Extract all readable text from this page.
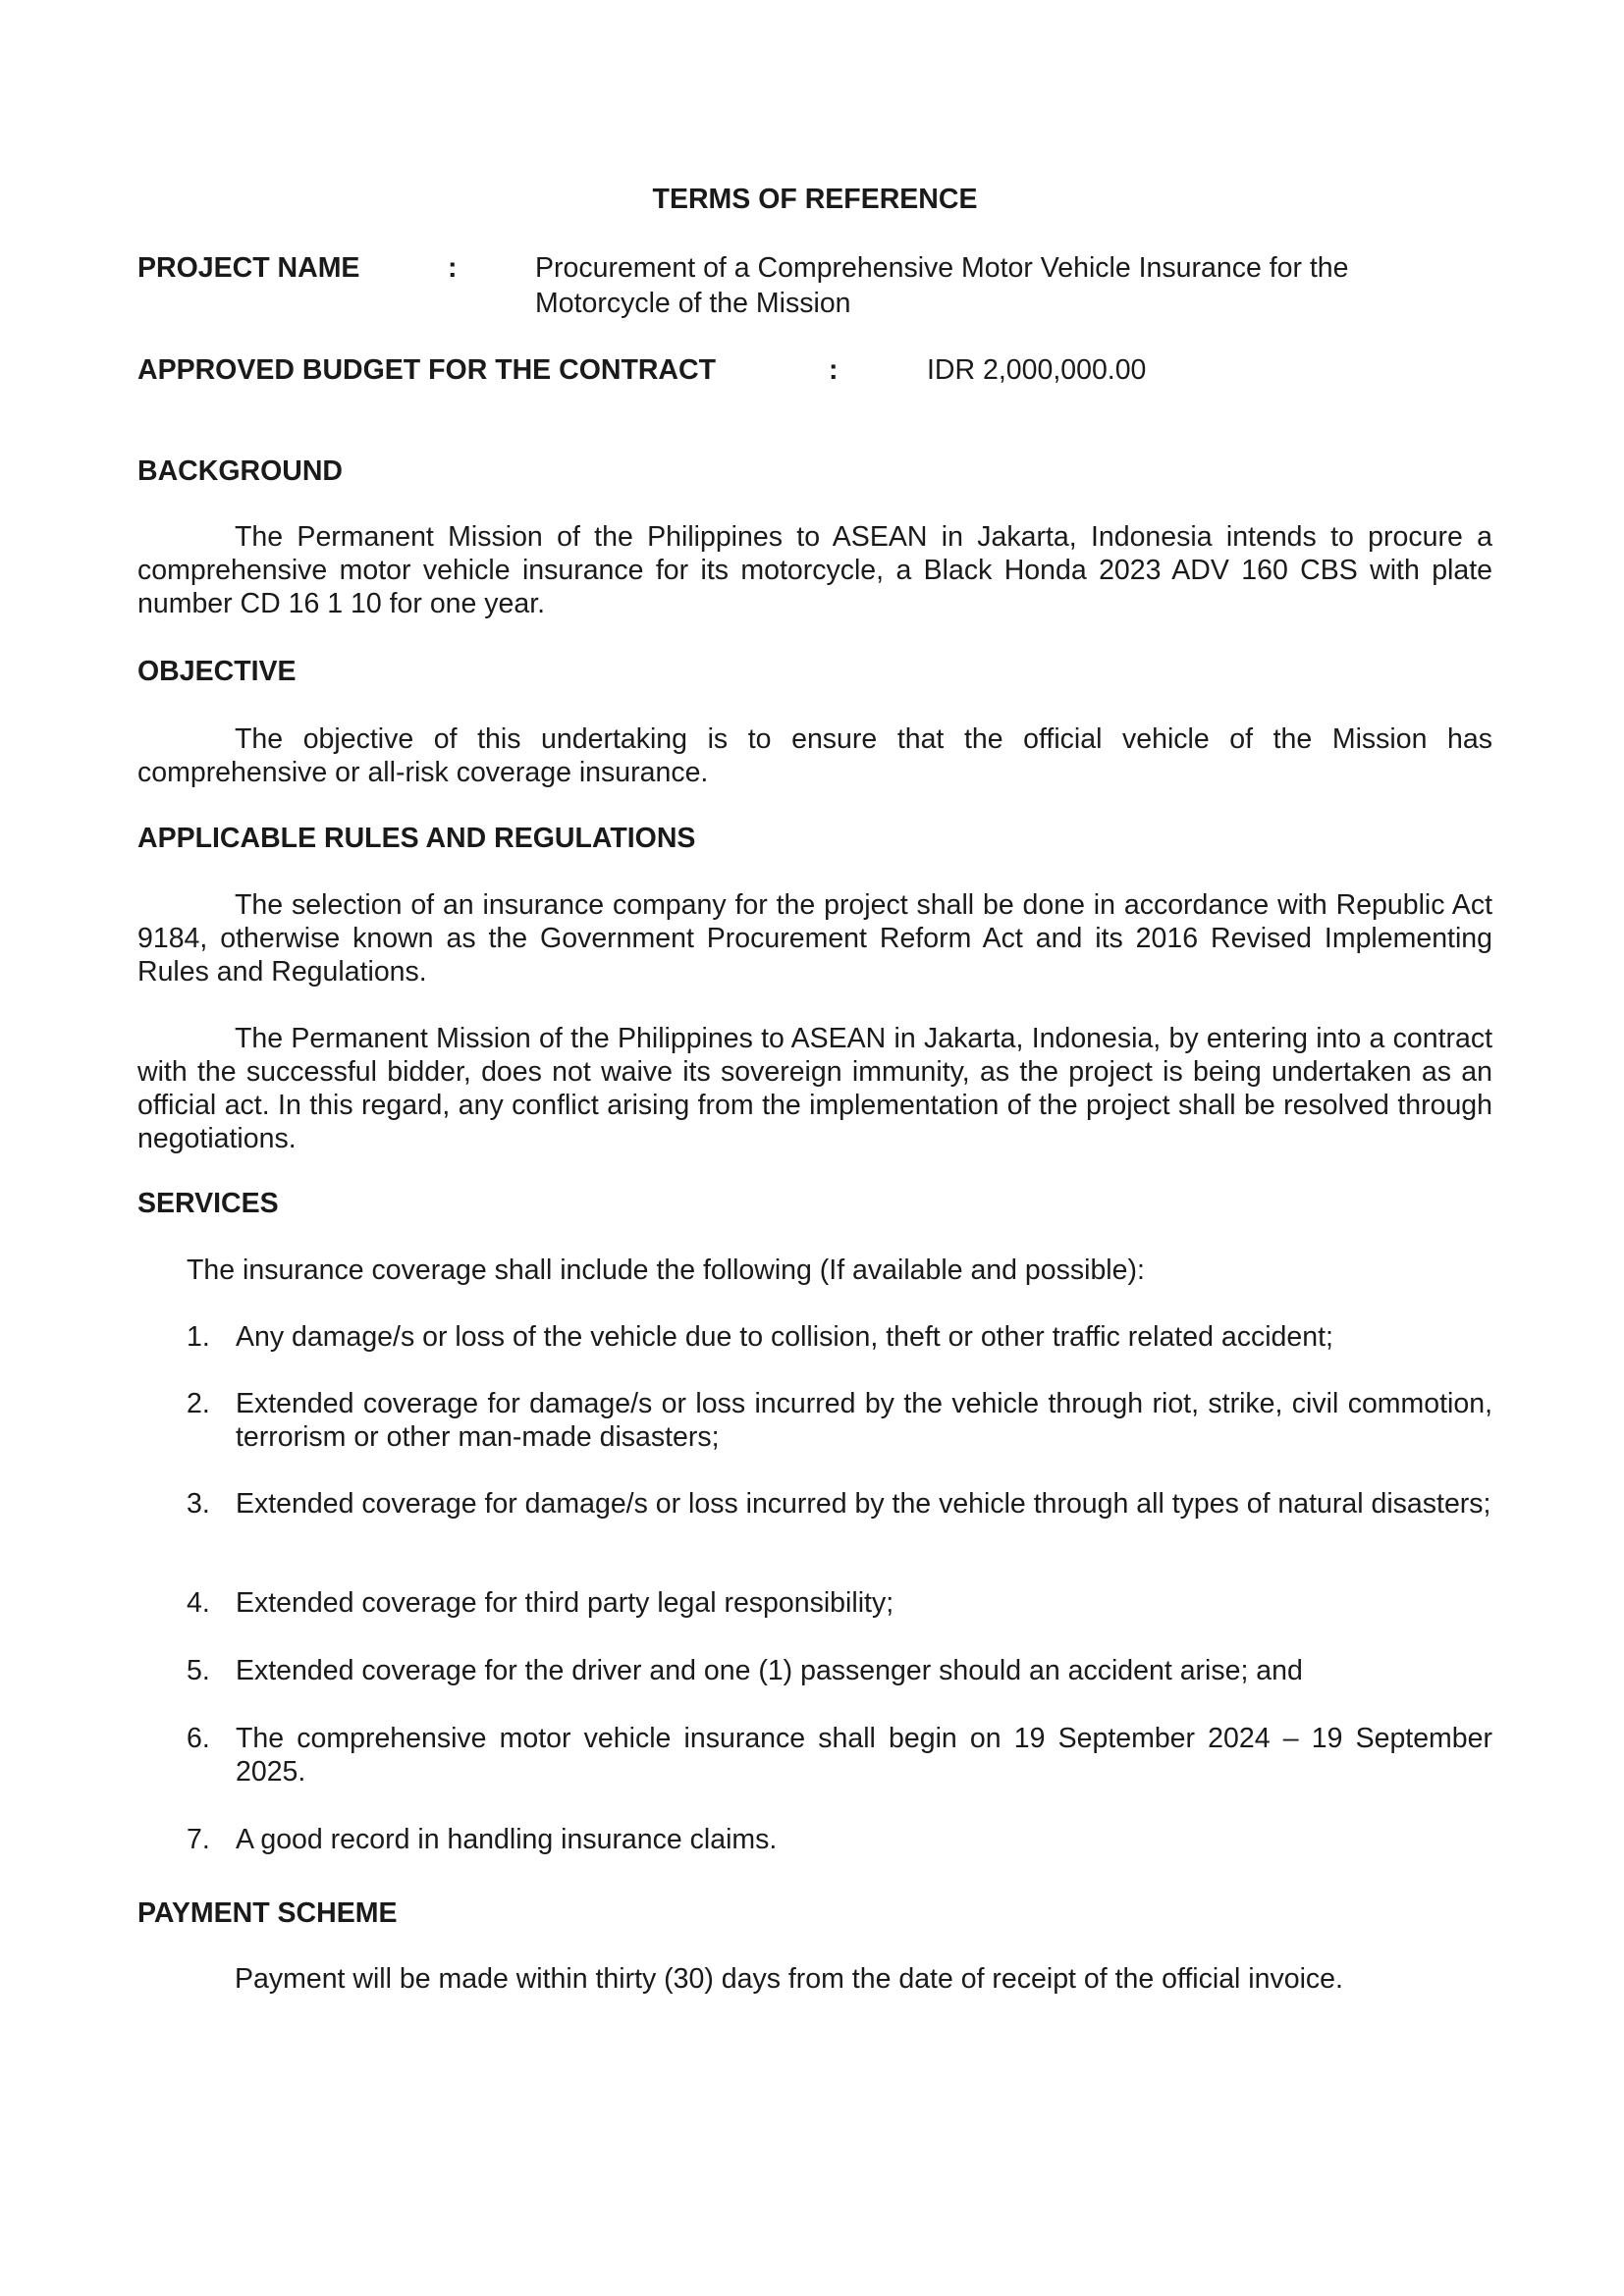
TERMS OF REFERENCE

PROJECT NAME	:	Procurement of a Comprehensive Motor Vehicle Insurance for the
Motorcycle of the Mission
APPROVED BUDGET FOR THE CONTRACT	:	IDR 2,000,000.00

BACKGROUND

The Permanent Mission of the Philippines to ASEAN in Jakarta, Indonesia intends to procure a comprehensive motor vehicle insurance for its motorcycle, a Black Honda 2023 ADV 160 CBS with plate number CD 16 1 10 for one year.

OBJECTIVE

The objective of this undertaking is to ensure that the official vehicle of the Mission has comprehensive or all-risk coverage insurance.

APPLICABLE RULES AND REGULATIONS

The selection of an insurance company for the project shall be done in accordance with Republic Act 9184, otherwise known as the Government Procurement Reform Act and its 2016 Revised Implementing Rules and Regulations.

The Permanent Mission of the Philippines to ASEAN in Jakarta, Indonesia, by entering into a contract with the successful bidder, does not waive its sovereign immunity, as the project is being undertaken as an official act. In this regard, any conflict arising from the implementation of the project shall be resolved through negotiations.

SERVICES

The insurance coverage shall include the following (If available and possible):

1. Any damage/s or loss of the vehicle due to collision, theft or other traffic related accident;
2. Extended coverage for damage/s or loss incurred by the vehicle through riot, strike, civil commotion, terrorism or other man-made disasters;
3. Extended coverage for damage/s or loss incurred by the vehicle through all types of natural disasters;
4. Extended coverage for third party legal responsibility;
5. Extended coverage for the driver and one (1) passenger should an accident arise; and
6. The comprehensive motor vehicle insurance shall begin on 19 September 2024 – 19 September 2025.
7. A good record in handling insurance claims.

PAYMENT SCHEME

Payment will be made within thirty (30) days from the date of receipt of the official invoice.
